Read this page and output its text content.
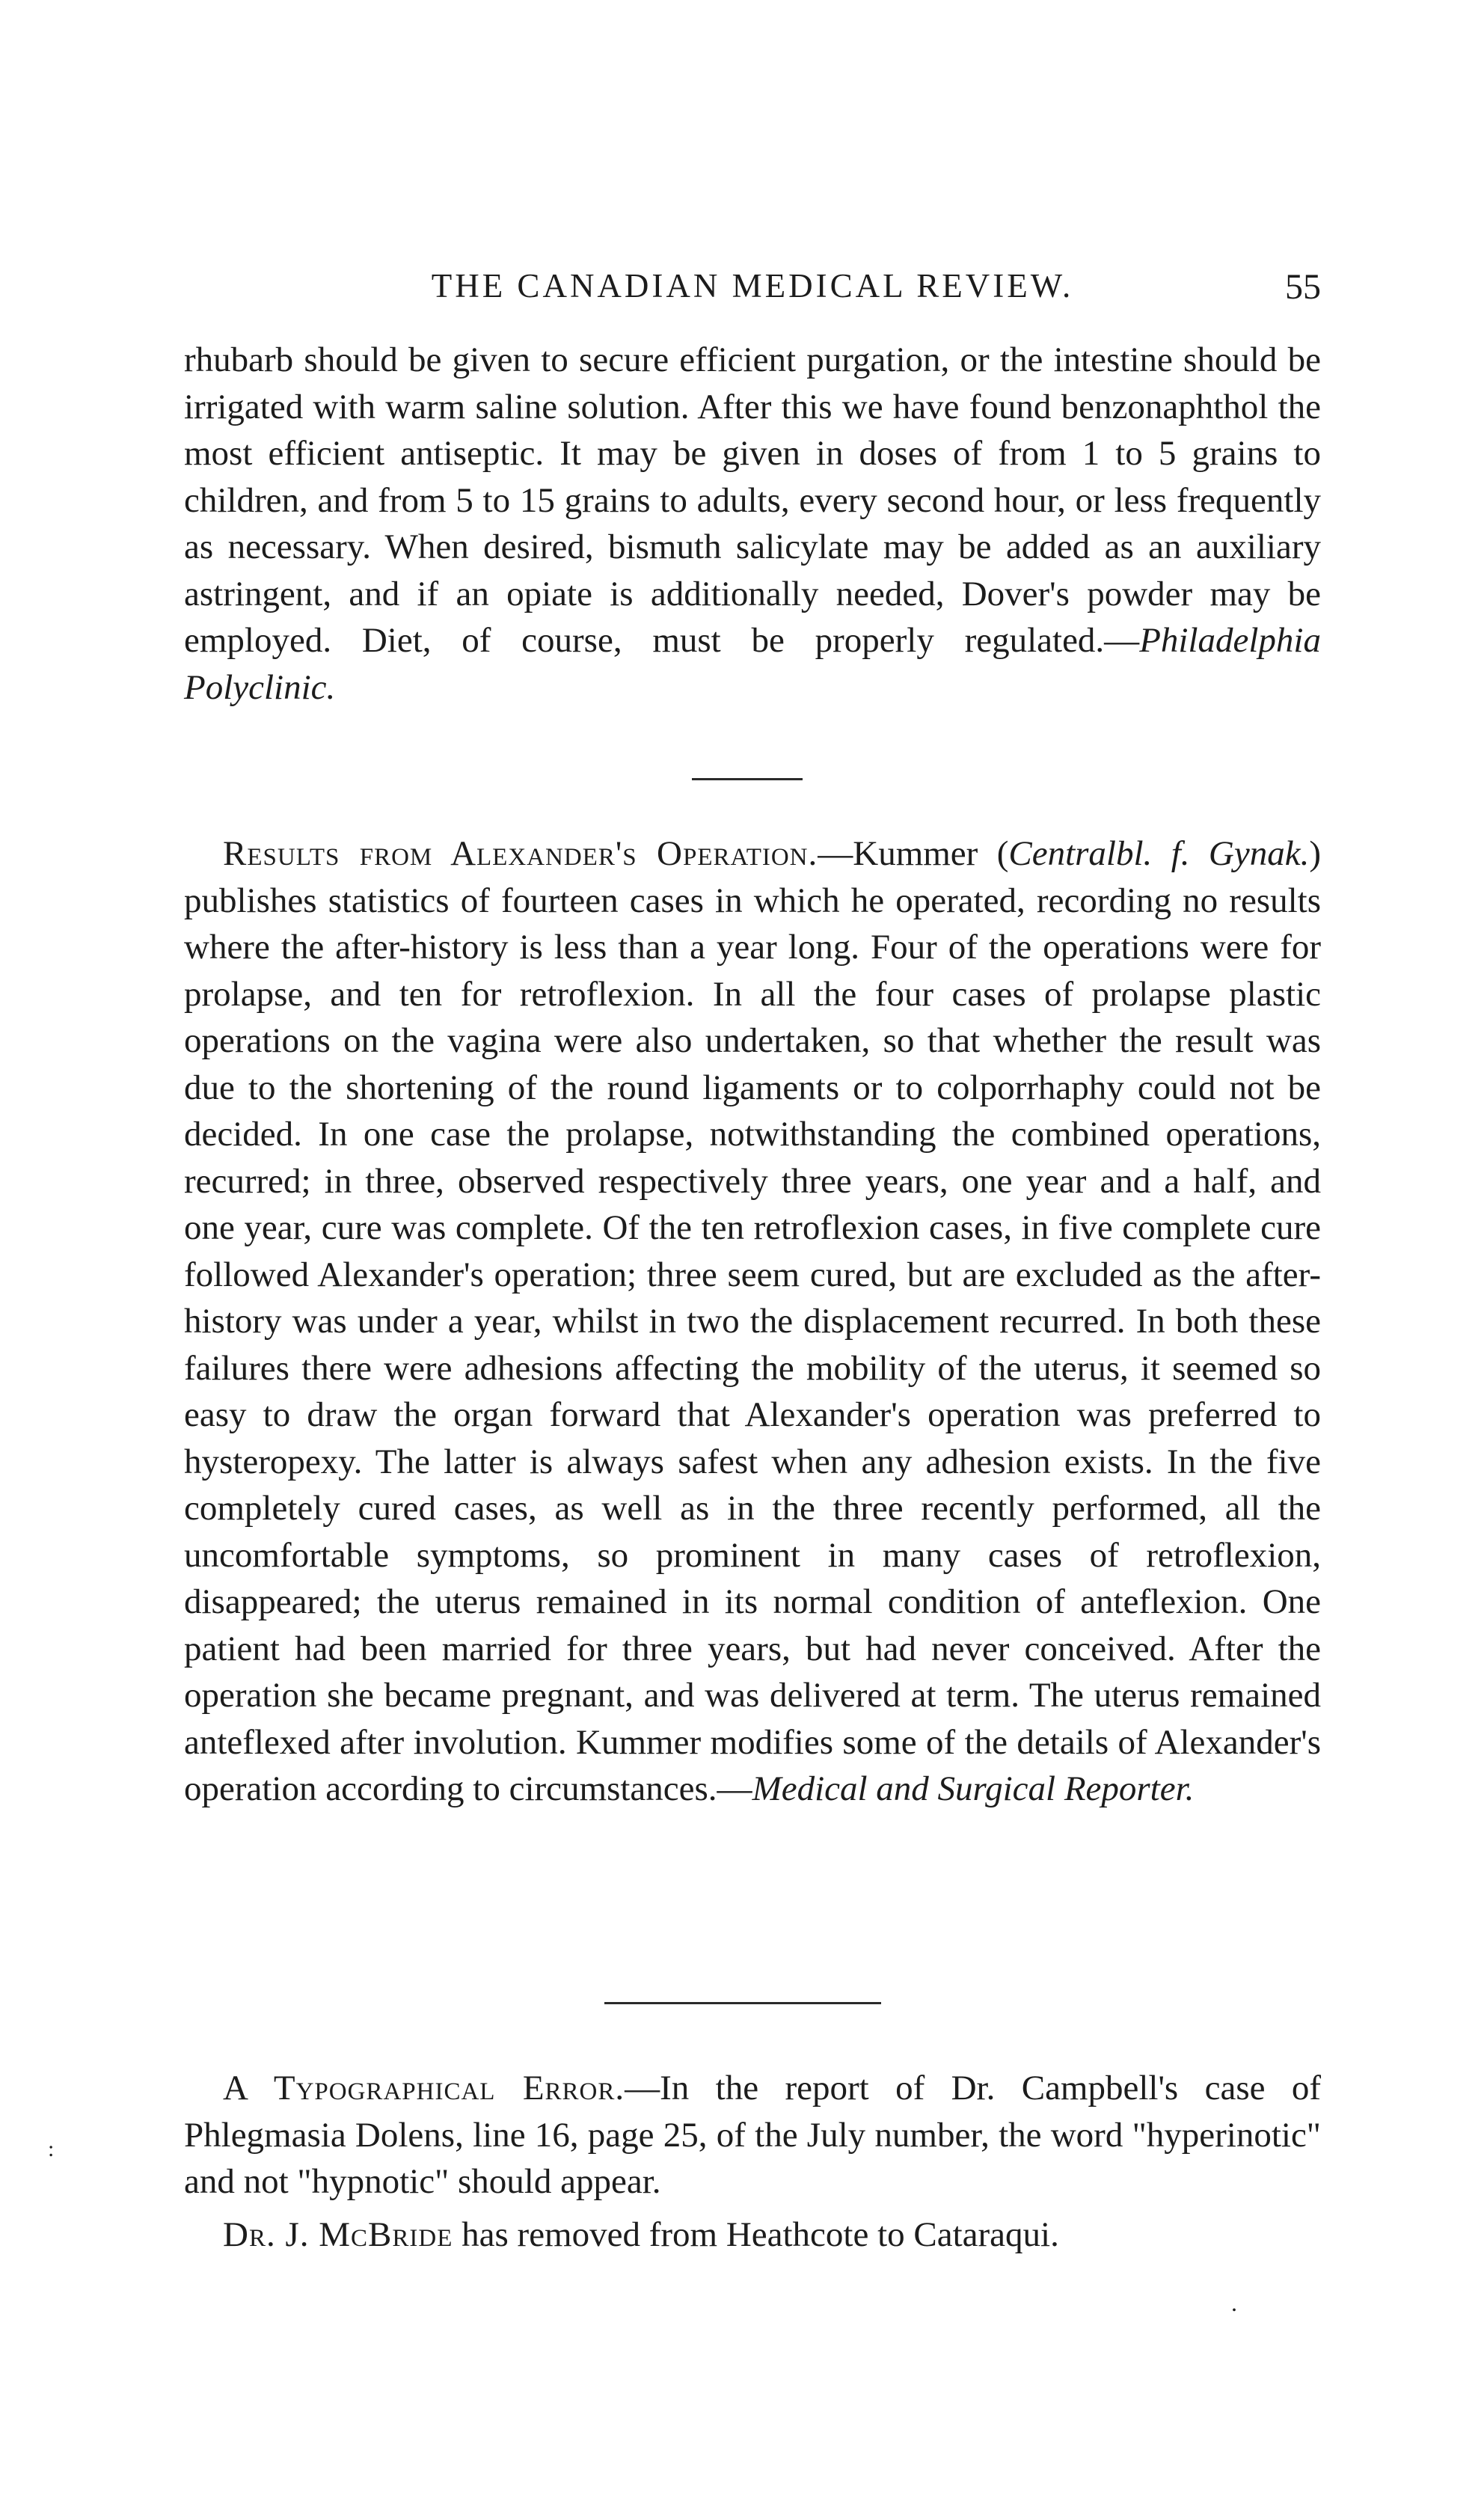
THE CANADIAN MEDICAL REVIEW.	55

rhubarb should be given to secure efficient purgation, or the intestine should be irrigated with warm saline solution. After this we have found benzonaphthol the most efficient antiseptic. It may be given in doses of from 1 to 5 grains to children, and from 5 to 15 grains to adults, every second hour, or less frequently as necessary. When desired, bismuth salicylate may be added as an auxiliary astringent, and if an opiate is additionally needed, Dover's powder may be employed. Diet, of course, must be properly regulated.—Philadelphia Polyclinic.

Results from Alexander's Operation.—Kummer (Centralbl. f. Gynak.) publishes statistics of fourteen cases in which he operated, recording no results where the after-history is less than a year long. Four of the operations were for prolapse, and ten for retroflexion. In all the four cases of prolapse plastic operations on the vagina were also undertaken, so that whether the result was due to the shortening of the round ligaments or to colporrhaphy could not be decided. In one case the prolapse, notwithstanding the combined operations, recurred; in three, observed respectively three years, one year and a half, and one year, cure was complete. Of the ten retroflexion cases, in five complete cure followed Alexander's operation; three seem cured, but are excluded as the after-history was under a year, whilst in two the displacement recurred. In both these failures there were adhesions affecting the mobility of the uterus, it seemed so easy to draw the organ forward that Alexander's operation was preferred to hysteropexy. The latter is always safest when any adhesion exists. In the five completely cured cases, as well as in the three recently performed, all the uncomfortable symptoms, so prominent in many cases of retroflexion, disappeared; the uterus remained in its normal condition of anteflexion. One patient had been married for three years, but had never conceived. After the operation she became pregnant, and was delivered at term. The uterus remained anteflexed after involution. Kummer modifies some of the details of Alexander's operation according to circumstances.—Medical and Surgical Reporter.

:

A Typographical Error.—In the report of Dr. Campbell's case of Phlegmasia Dolens, line 16, page 25, of the July number, the word "hyperinotic" and not "hypnotic" should appear.

Dr. J. McBride has removed from Heathcote to Cataraqui.

.
